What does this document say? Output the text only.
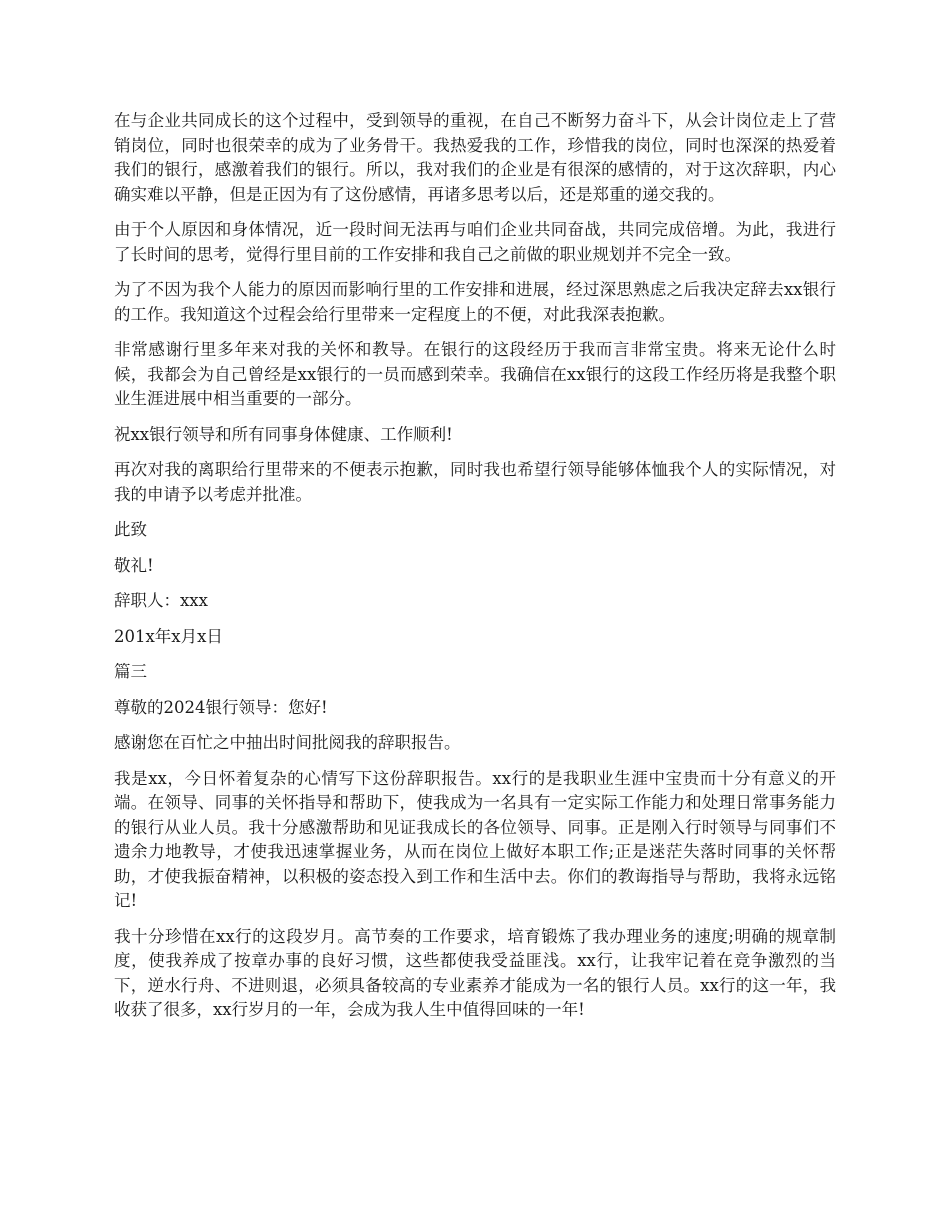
在与企业共同成长的这个过程中，受到领导的重视，在自己不断努力奋斗下，从会计岗位走上了营销岗位，同时也很荣幸的成为了业务骨干。我热爱我的工作，珍惜我的岗位，同时也深深的热爱着我们的银行，感激着我们的银行。所以，我对我们的企业是有很深的感情的，对于这次辞职，内心确实难以平静，但是正因为有了这份感情，再诸多思考以后，还是郑重的递交我的。

由于个人原因和身体情况，近一段时间无法再与咱们企业共同奋战，共同完成倍增。为此，我进行了长时间的思考，觉得行里目前的工作安排和我自己之前做的职业规划并不完全一致。

为了不因为我个人能力的原因而影响行里的工作安排和进展，经过深思熟虑之后我决定辞去xx银行的工作。我知道这个过程会给行里带来一定程度上的不便，对此我深表抱歉。

非常感谢行里多年来对我的关怀和教导。在银行的这段经历于我而言非常宝贵。将来无论什么时候，我都会为自己曾经是xx银行的一员而感到荣幸。我确信在xx银行的这段工作经历将是我整个职业生涯进展中相当重要的一部分。

祝xx银行领导和所有同事身体健康、工作顺利!

再次对我的离职给行里带来的不便表示抱歉，同时我也希望行领导能够体恤我个人的实际情况，对我的申请予以考虑并批准。

此致

敬礼!

辞职人：xxx

201x年x月x日

篇三

尊敬的2024银行领导：您好!

感谢您在百忙之中抽出时间批阅我的辞职报告。

我是xx，今日怀着复杂的心情写下这份辞职报告。xx行的是我职业生涯中宝贵而十分有意义的开端。在领导、同事的关怀指导和帮助下，使我成为一名具有一定实际工作能力和处理日常事务能力的银行从业人员。我十分感激帮助和见证我成长的各位领导、同事。正是刚入行时领导与同事们不遗余力地教导，才使我迅速掌握业务，从而在岗位上做好本职工作;正是迷茫失落时同事的关怀帮助，才使我振奋精神，以积极的姿态投入到工作和生活中去。你们的教诲指导与帮助，我将永远铭记!

我十分珍惜在xx行的这段岁月。高节奏的工作要求，培育锻炼了我办理业务的速度;明确的规章制度，使我养成了按章办事的良好习惯，这些都使我受益匪浅。xx行，让我牢记着在竞争激烈的当下，逆水行舟、不进则退，必须具备较高的专业素养才能成为一名的银行人员。xx行的这一年，我收获了很多，xx行岁月的一年，会成为我人生中值得回味的一年!
